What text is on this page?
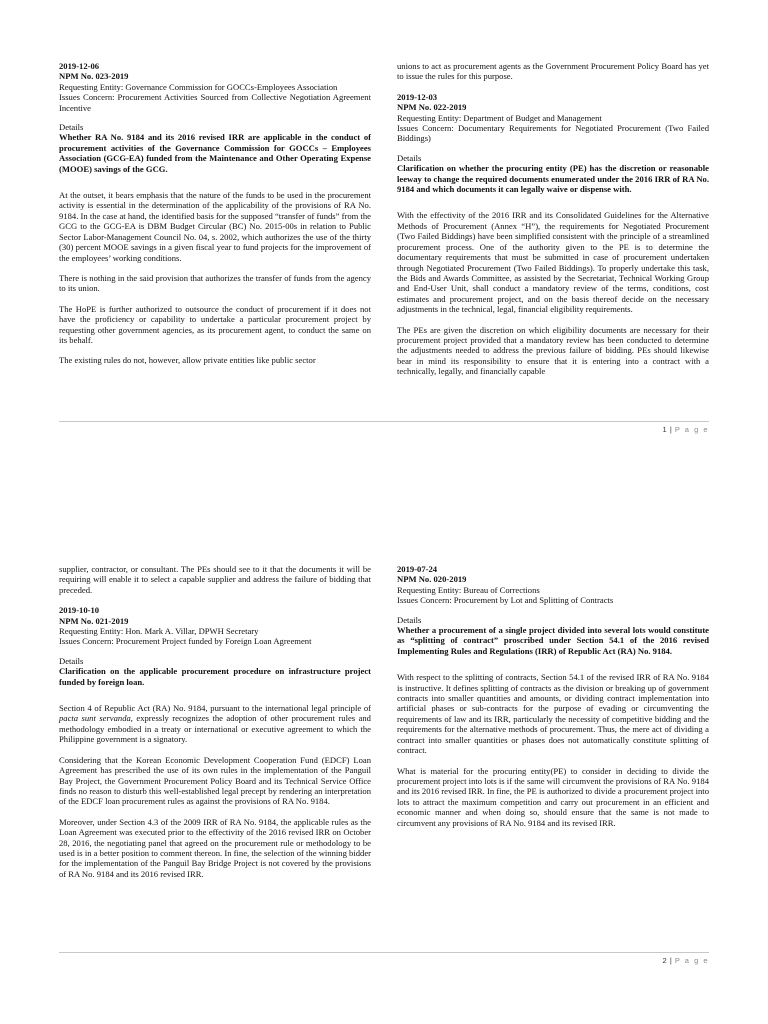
2019-12-06
NPM No. 023-2019
Requesting Entity: Governance Commission for GOCCs-Employees Association
Issues Concern: Procurement Activities Sourced from Collective Negotiation Agreement Incentive
Details

Whether RA No. 9184 and its 2016 revised IRR are applicable in the conduct of procurement activities of the Governance Commission for GOCCs – Employees Association (GCG-EA) funded from the Maintenance and Other Operating Expense (MOOE) savings of the GCG.

At the outset, it bears emphasis that the nature of the funds to be used in the procurement activity is essential in the determination of the applicability of the provisions of RA No. 9184. In the case at hand, the identified basis for the supposed “transfer of funds” from the GCG to the GCG-EA is DBM Budget Circular (BC) No. 2015-00s in relation to Public Sector Labor-Management Council No. 04, s. 2002, which authorizes the use of the thirty (30) percent MOOE savings in a given fiscal year to fund projects for the improvement of the employees’ working conditions.

There is nothing in the said provision that authorizes the transfer of funds from the agency to its union.

The HoPE is further authorized to outsource the conduct of procurement if it does not have the proficiency or capability to undertake a particular procurement project by requesting other government agencies, as its procurement agent, to conduct the same on its behalf.

The existing rules do not, however, allow private entities like public sector

unions to act as procurement agents as the Government Procurement Policy Board has yet to issue the rules for this purpose.

2019-12-03
NPM No. 022-2019
Requesting Entity: Department of Budget and Management
Issues Concern: Documentary Requirements for Negotiated Procurement (Two Failed Biddings)
Details

Clarification on whether the procuring entity (PE) has the discretion or reasonable leeway to change the required documents enumerated under the 2016 IRR of RA No. 9184 and which documents it can legally waive or dispense with.

With the effectivity of the 2016 IRR and its Consolidated Guidelines for the Alternative Methods of Procurement (Annex “H”), the requirements for Negotiated Procurement (Two Failed Biddings) have been simplified consistent with the principle of a streamlined procurement process. One of the authority given to the PE is to determine the documentary requirements that must be submitted in case of procurement undertaken through Negotiated Procurement (Two Failed Biddings). To properly undertake this task, the Bids and Awards Committee, as assisted by the Secretariat, Technical Working Group and End-User Unit, shall conduct a mandatory review of the terms, conditions, cost estimates and procurement project, and on the basis thereof decide on the necessary adjustments in the technical, legal, financial eligibility requirements.

The PEs are given the discretion on which eligibility documents are necessary for their procurement project provided that a mandatory review has been conducted to determine the adjustments needed to address the previous failure of bidding. PEs should likewise bear in mind its responsibility to ensure that it is entering into a contract with a technically, legally, and financially capable

1 | P a g e

supplier, contractor, or consultant. The PEs should see to it that the documents it will be requiring will enable it to select a capable supplier and address the failure of bidding that preceded.

2019-10-10
NPM No. 021-2019
Requesting Entity: Hon. Mark A. Villar, DPWH Secretary
Issues Concern: Procurement Project funded by Foreign Loan Agreement
Details

Clarification on the applicable procurement procedure on infrastructure project funded by foreign loan.

Section 4 of Republic Act (RA) No. 9184, pursuant to the international legal principle of pacta sunt servanda, expressly recognizes the adoption of other procurement rules and methodology embodied in a treaty or international or executive agreement to which the Philippine government is a signatory.

Considering that the Korean Economic Development Cooperation Fund (EDCF) Loan Agreement has prescribed the use of its own rules in the implementation of the Panguil Bay Project, the Government Procurement Policy Board and its Technical Service Office finds no reason to disturb this well-established legal precept by rendering an interpretation of the EDCF loan procurement rules as against the provisions of RA No. 9184.

Moreover, under Section 4.3 of the 2009 IRR of RA No. 9184, the applicable rules as the Loan Agreement was executed prior to the effectivity of the 2016 revised IRR on October 28, 2016, the negotiating panel that agreed on the procurement rule or methodology to be used is in a better position to comment thereon. In fine, the selection of the winning bidder for the implementation of the Panguil Bay Bridge Project is not covered by the provisions of RA No. 9184 and its 2016 revised IRR.

2019-07-24
NPM No. 020-2019
Requesting Entity: Bureau of Corrections
Issues Concern: Procurement by Lot and Splitting of Contracts
Details

Whether a procurement of a single project divided into several lots would constitute as “splitting of contract” proscribed under Section 54.1 of the 2016 revised Implementing Rules and Regulations (IRR) of Republic Act (RA) No. 9184.

With respect to the splitting of contracts, Section 54.1 of the revised IRR of RA No. 9184 is instructive. It defines splitting of contracts as the division or breaking up of government contracts into smaller quantities and amounts, or dividing contract implementation into artificial phases or sub-contracts for the purpose of evading or circumventing the requirements of law and its IRR, particularly the necessity of competitive bidding and the requirements for the alternative methods of procurement. Thus, the mere act of dividing a contract into smaller quantities or phases does not automatically constitute splitting of contract.

What is material for the procuring entity(PE) to consider in deciding to divide the procurement project into lots is if the same will circumvent the provisions of RA No. 9184 and its 2016 revised IRR. In fine, the PE is authorized to divide a procurement project into lots to attract the maximum competition and carry out procurement in an efficient and economic manner and when doing so, should ensure that the same is not made to circumvent any provisions of RA No. 9184 and its revised IRR.

2 | P a g e
